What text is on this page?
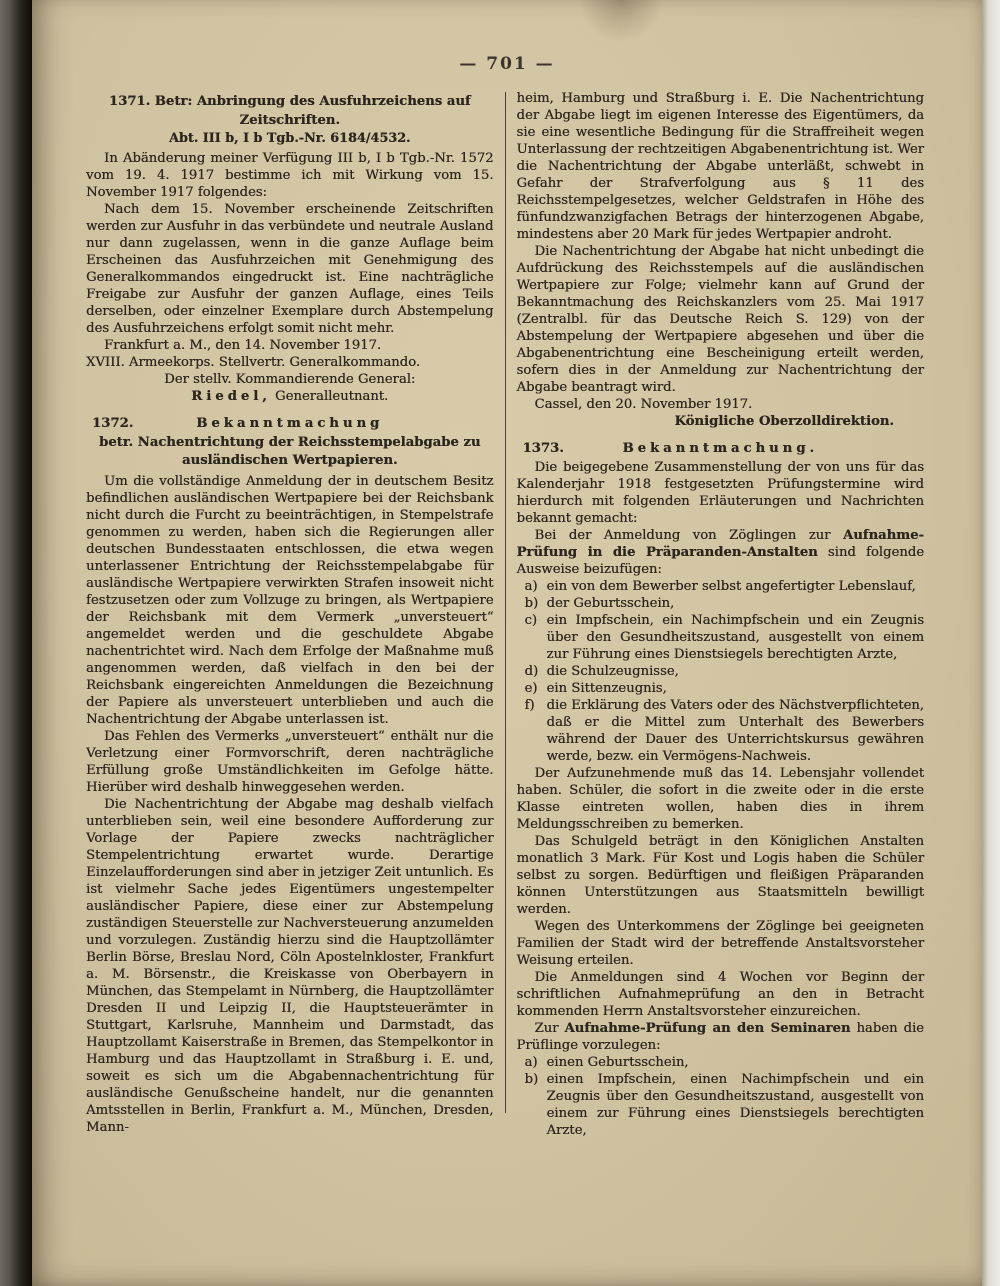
— 701 —
1371. Betr: Anbringung des Ausfuhrzeichens auf
Zeitschriften.
Abt. III b, I b Tgb.-Nr. 6184/4532.

In Abänderung meiner Verfügung III b, I b Tgb.-Nr. 1572 vom 19. 4. 1917 bestimme ich mit Wirkung vom 15. November 1917 folgendes:

Nach dem 15. November erscheinende Zeitschriften werden zur Ausfuhr in das verbündete und neutrale Ausland nur dann zugelassen, wenn in die ganze Auflage beim Erscheinen das Ausfuhrzeichen mit Genehmigung des Generalkommandos eingedruckt ist. Eine nachträgliche Freigabe zur Ausfuhr der ganzen Auflage, eines Teils derselben, oder einzelner Exemplare durch Abstempelung des Ausfuhrzeichens erfolgt somit nicht mehr.

Frankfurt a. M., den 14. November 1917.
XVIII. Armeekorps. Stellvertr. Generalkommando.
Der stellv. Kommandierende General:
Riedel, Generalleutnant.
1372.	Bekanntmachung
betr. Nachentrichtung der Reichsstempelabgabe zu ausländischen Wertpapieren.

Um die vollständige Anmeldung der in deutschem Besitz befindlichen ausländischen Wertpapiere bei der Reichsbank nicht durch die Furcht zu beeinträchtigen, in Stempelstrafe genommen zu werden, haben sich die Regierungen aller deutschen Bundesstaaten entschlossen, die etwa wegen unterlassener Entrichtung der Reichsstempelabgabe für ausländische Wertpapiere verwirkten Strafen insoweit nicht festzusetzen oder zum Vollzuge zu bringen, als Wertpapiere der Reichsbank mit dem Vermerk „unversteuert“ angemeldet werden und die geschuldete Abgabe nachentrichtet wird. Nach dem Erfolge der Maßnahme muß angenommen werden, daß vielfach in den bei der Reichsbank eingereichten Anmeldungen die Bezeichnung der Papiere als unversteuert unterblieben und auch die Nachentrichtung der Abgabe unterlassen ist.

Das Fehlen des Vermerks „unversteuert“ enthält nur die Verletzung einer Formvorschrift, deren nachträgliche Erfüllung große Umständlichkeiten im Gefolge hätte. Hierüber wird deshalb hinweggesehen werden.

Die Nachentrichtung der Abgabe mag deshalb vielfach unterblieben sein, weil eine besondere Aufforderung zur Vorlage der Papiere zwecks nachträglicher Stempelentrichtung erwartet wurde. Derartige Einzelaufforderungen sind aber in jetziger Zeit untunlich. Es ist vielmehr Sache jedes Eigentümers ungestempelter ausländischer Papiere, diese einer zur Abstempelung zuständigen Steuerstelle zur Nachversteuerung anzumelden und vorzulegen. Zuständig hierzu sind die Hauptzollämter Berlin Börse, Breslau Nord, Cöln Apostelnkloster, Frankfurt a. M. Börsenstr., die Kreiskasse von Oberbayern in München, das Stempelamt in Nürnberg, die Hauptzollämter Dresden II und Leipzig II, die Hauptsteuerämter in Stuttgart, Karlsruhe, Mannheim und Darmstadt, das Hauptzollamt Kaiserstraße in Bremen, das Stempelkontor in Hamburg und das Hauptzollamt in Straßburg i. E. und, soweit es sich um die Abgabennachentrichtung für ausländische Genußscheine handelt, nur die genannten Amtsstellen in Berlin, Frankfurt a. M., München, Dresden, Mann-

heim, Hamburg und Straßburg i. E. Die Nachentrichtung der Abgabe liegt im eigenen Interesse des Eigentümers, da sie eine wesentliche Bedingung für die Straffreiheit wegen Unterlassung der rechtzeitigen Abgabenentrichtung ist. Wer die Nachentrichtung der Abgabe unterläßt, schwebt in Gefahr der Strafverfolgung aus § 11 des Reichsstempelgesetzes, welcher Geldstrafen in Höhe des fünfundzwanzigfachen Betrags der hinterzogenen Abgabe, mindestens aber 20 Mark für jedes Wertpapier androht.

Die Nachentrichtung der Abgabe hat nicht unbedingt die Aufdrückung des Reichsstempels auf die ausländischen Wertpapiere zur Folge; vielmehr kann auf Grund der Bekanntmachung des Reichskanzlers vom 25. Mai 1917 (Zentralbl. für das Deutsche Reich S. 129) von der Abstempelung der Wertpapiere abgesehen und über die Abgabenentrichtung eine Bescheinigung erteilt werden, sofern dies in der Anmeldung zur Nachentrichtung der Abgabe beantragt wird.

Cassel, den 20. November 1917.
Königliche Oberzolldirektion.
1373.	Bekanntmachung.

Die beigegebene Zusammenstellung der von uns für das Kalenderjahr 1918 festgesetzten Prüfungstermine wird hierdurch mit folgenden Erläuterungen und Nachrichten bekannt gemacht:

Bei der Anmeldung von Zöglingen zur Aufnahme-Prüfung in die Präparanden-Anstalten sind folgende Ausweise beizufügen:

a) ein von dem Bewerber selbst angefertigter Lebenslauf,
b) der Geburtsschein,
c) ein Impfschein, ein Nachimpfschein und ein Zeugnis über den Gesundheitszustand, ausgestellt von einem zur Führung eines Dienstsiegels berechtigten Arzte,
d) die Schulzeugnisse,
e) ein Sittenzeugnis,
f) die Erklärung des Vaters oder des Nächstverpflichteten, daß er die Mittel zum Unterhalt des Bewerbers während der Dauer des Unterrichtskursus gewähren werde, bezw. ein Vermögens-Nachweis.

Der Aufzunehmende muß das 14. Lebensjahr vollendet haben. Schüler, die sofort in die zweite oder in die erste Klasse eintreten wollen, haben dies in ihrem Meldungsschreiben zu bemerken.

Das Schulgeld beträgt in den Königlichen Anstalten monatlich 3 Mark. Für Kost und Logis haben die Schüler selbst zu sorgen. Bedürftigen und fleißigen Präparanden können Unterstützungen aus Staatsmitteln bewilligt werden.

Wegen des Unterkommens der Zöglinge bei geeigneten Familien der Stadt wird der betreffende Anstaltsvorsteher Weisung erteilen.

Die Anmeldungen sind 4 Wochen vor Beginn der schriftlichen Aufnahmeprüfung an den in Betracht kommenden Herrn Anstaltsvorsteher einzureichen.

Zur Aufnahme-Prüfung an den Seminaren haben die Prüflinge vorzulegen:

a) einen Geburtsschein,
b) einen Impfschein, einen Nachimpfschein und ein Zeugnis über den Gesundheitszustand, ausgestellt von einem zur Führung eines Dienstsiegels berechtigten Arzte,
